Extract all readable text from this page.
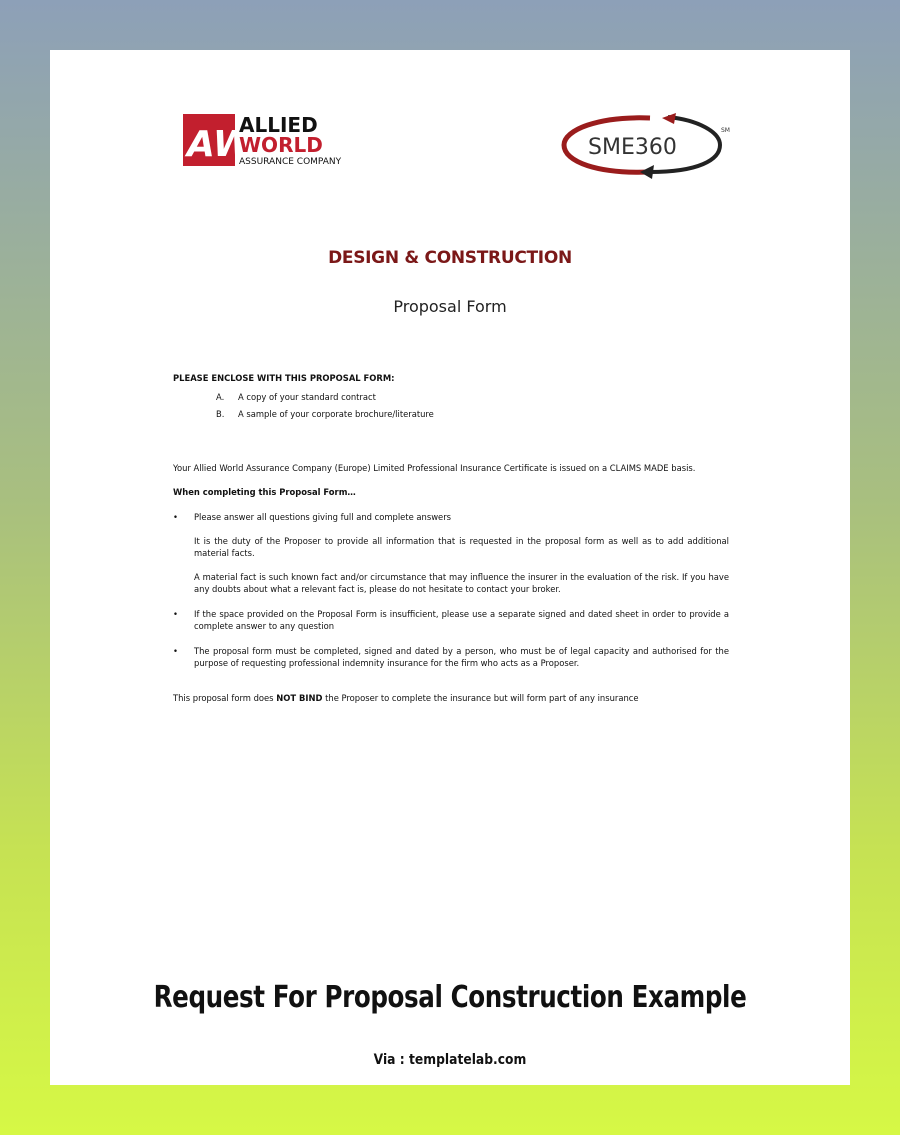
AW
ALLIED
WORLD
ASSURANCE COMPANY
SME360
SM
DESIGN & CONSTRUCTION
Proposal Form
PLEASE ENCLOSE WITH THIS PROPOSAL FORM:
A. A copy of your standard contract
B. A sample of your corporate brochure/literature
Your Allied World Assurance Company (Europe) Limited Professional Insurance Certificate is issued on a CLAIMS MADE basis.
When completing this Proposal Form…
•	Please answer all questions giving full and complete answers
It is the duty of the Proposer to provide all information that is requested in the proposal form as well as to add additional material facts.
A material fact is such known fact and/or circumstance that may influence the insurer in the evaluation of the risk. If you have any doubts about what a relevant fact is, please do not hesitate to contact your broker.
•	If the space provided on the Proposal Form is insufficient, please use a separate signed and dated sheet in order to provide a complete answer to any question
•	The proposal form must be completed, signed and dated by a person, who must be of legal capacity and authorised for the purpose of requesting professional indemnity insurance for the firm who acts as a Proposer.
This proposal form does NOT BIND the Proposer to complete the insurance but will form part of any insurance
Request For Proposal Construction Example
Via : templatelab.com
